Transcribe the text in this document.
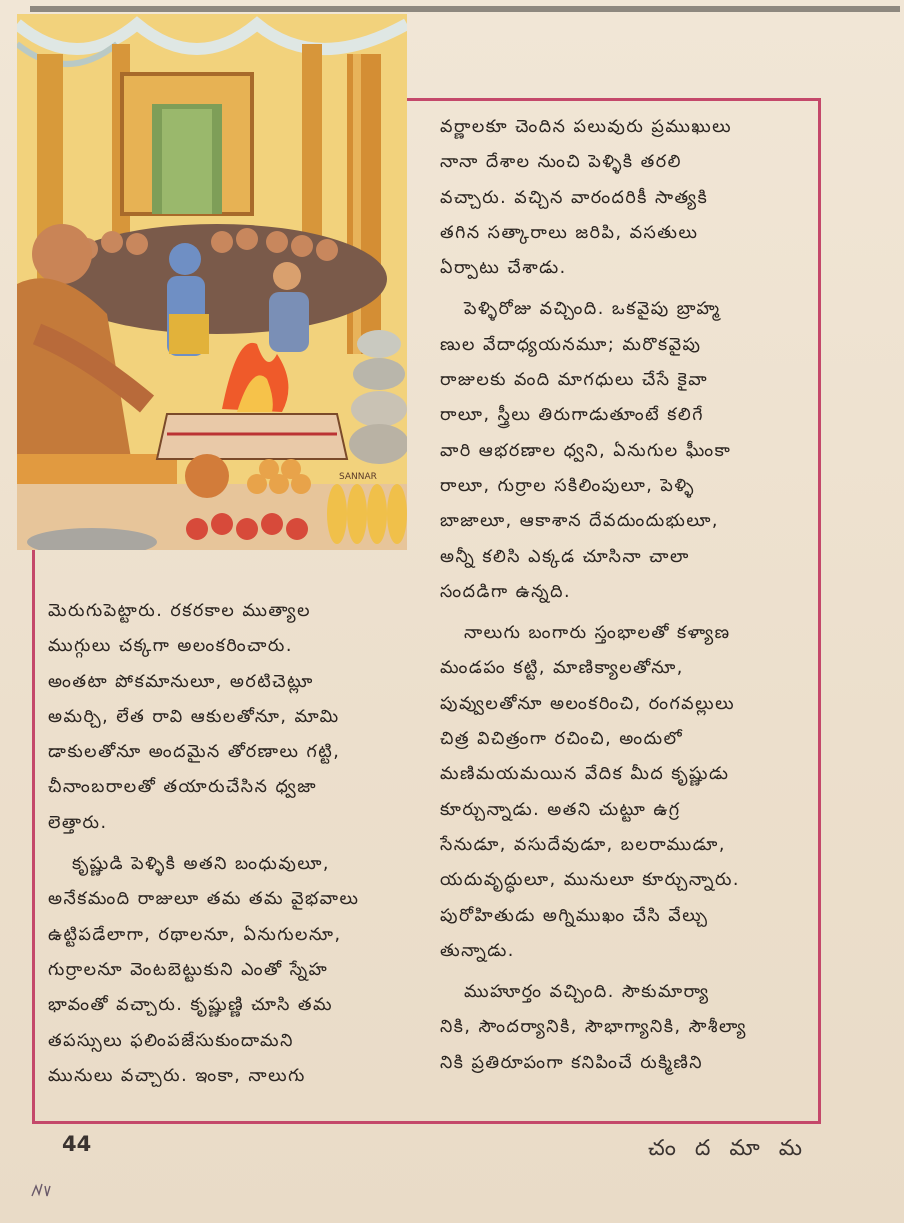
SANNAR
వర్ణాలకూ చెందిన పలువురు ప్రముఖులు
నానా దేశాల నుంచి పెళ్ళికి తరలి
వచ్చారు. వచ్చిన వారందరికీ సాత్యకి
తగిన సత్కారాలు జరిపి, వసతులు
ఏర్పాటు చేశాడు.
పెళ్ళిరోజు వచ్చింది. ఒకవైపు బ్రాహ్మ
ణుల వేదాధ్యయనమూ; మరొకవైపు
రాజులకు వంది మాగధులు చేసే కైవా
రాలూ, స్త్రీలు తిరుగాడుతూంటే కలిగే
వారి ఆభరణాల ధ్వని, ఏనుగుల ఘీంకా
రాలూ, గుర్రాల సకిలింపులూ, పెళ్ళి
బాజాలూ, ఆకాశాన దేవదుందుభులూ,
అన్నీ కలిసి ఎక్కడ చూసినా చాలా
సందడిగా ఉన్నది.
నాలుగు బంగారు స్తంభాలతో కళ్యాణ
మండపం కట్టి, మాణిక్యాలతోనూ,
పువ్వులతోనూ అలంకరించి, రంగవల్లులు
చిత్ర విచిత్రంగా రచించి, అందులో
మణిమయమయిన వేదిక మీద కృష్ణుడు
కూర్చున్నాడు. అతని చుట్టూ ఉగ్ర
సేనుడూ, వసుదేవుడూ, బలరాముడూ,
యదువృద్ధులూ, మునులూ కూర్చున్నారు.
పురోహితుడు అగ్నిముఖం చేసి వేల్చు
తున్నాడు.
ముహూర్తం వచ్చింది. సౌకుమార్యా
నికి, సౌందర్యానికి, సౌభాగ్యానికి, సౌశీల్యా
నికి ప్రతిరూపంగా కనిపించే రుక్మిణిని
మెరుగుపెట్టారు. రకరకాల ముత్యాల
ముగ్గులు చక్కగా అలంకరించారు.
అంతటా పోకమానులూ, అరటిచెట్లూ
అమర్చి, లేత రావి ఆకులతోనూ, మామి
డాకులతోనూ అందమైన తోరణాలు గట్టి,
చీనాంబరాలతో తయారుచేసిన ధ్వజా
లెత్తారు.
కృష్ణుడి పెళ్ళికి అతని బంధువులూ,
అనేకమంది రాజులూ తమ తమ వైభవాలు
ఉట్టిపడేలాగా, రథాలనూ, ఏనుగులనూ,
గుర్రాలనూ వెంటబెట్టుకుని ఎంతో స్నేహ
భావంతో వచ్చారు. కృష్ణుణ్ణి చూసి తమ
తపస్సులు ఫలింపజేసుకుందామని
మునులు వచ్చారు. ఇంకా, నాలుగు
44	చం ద మా మ
